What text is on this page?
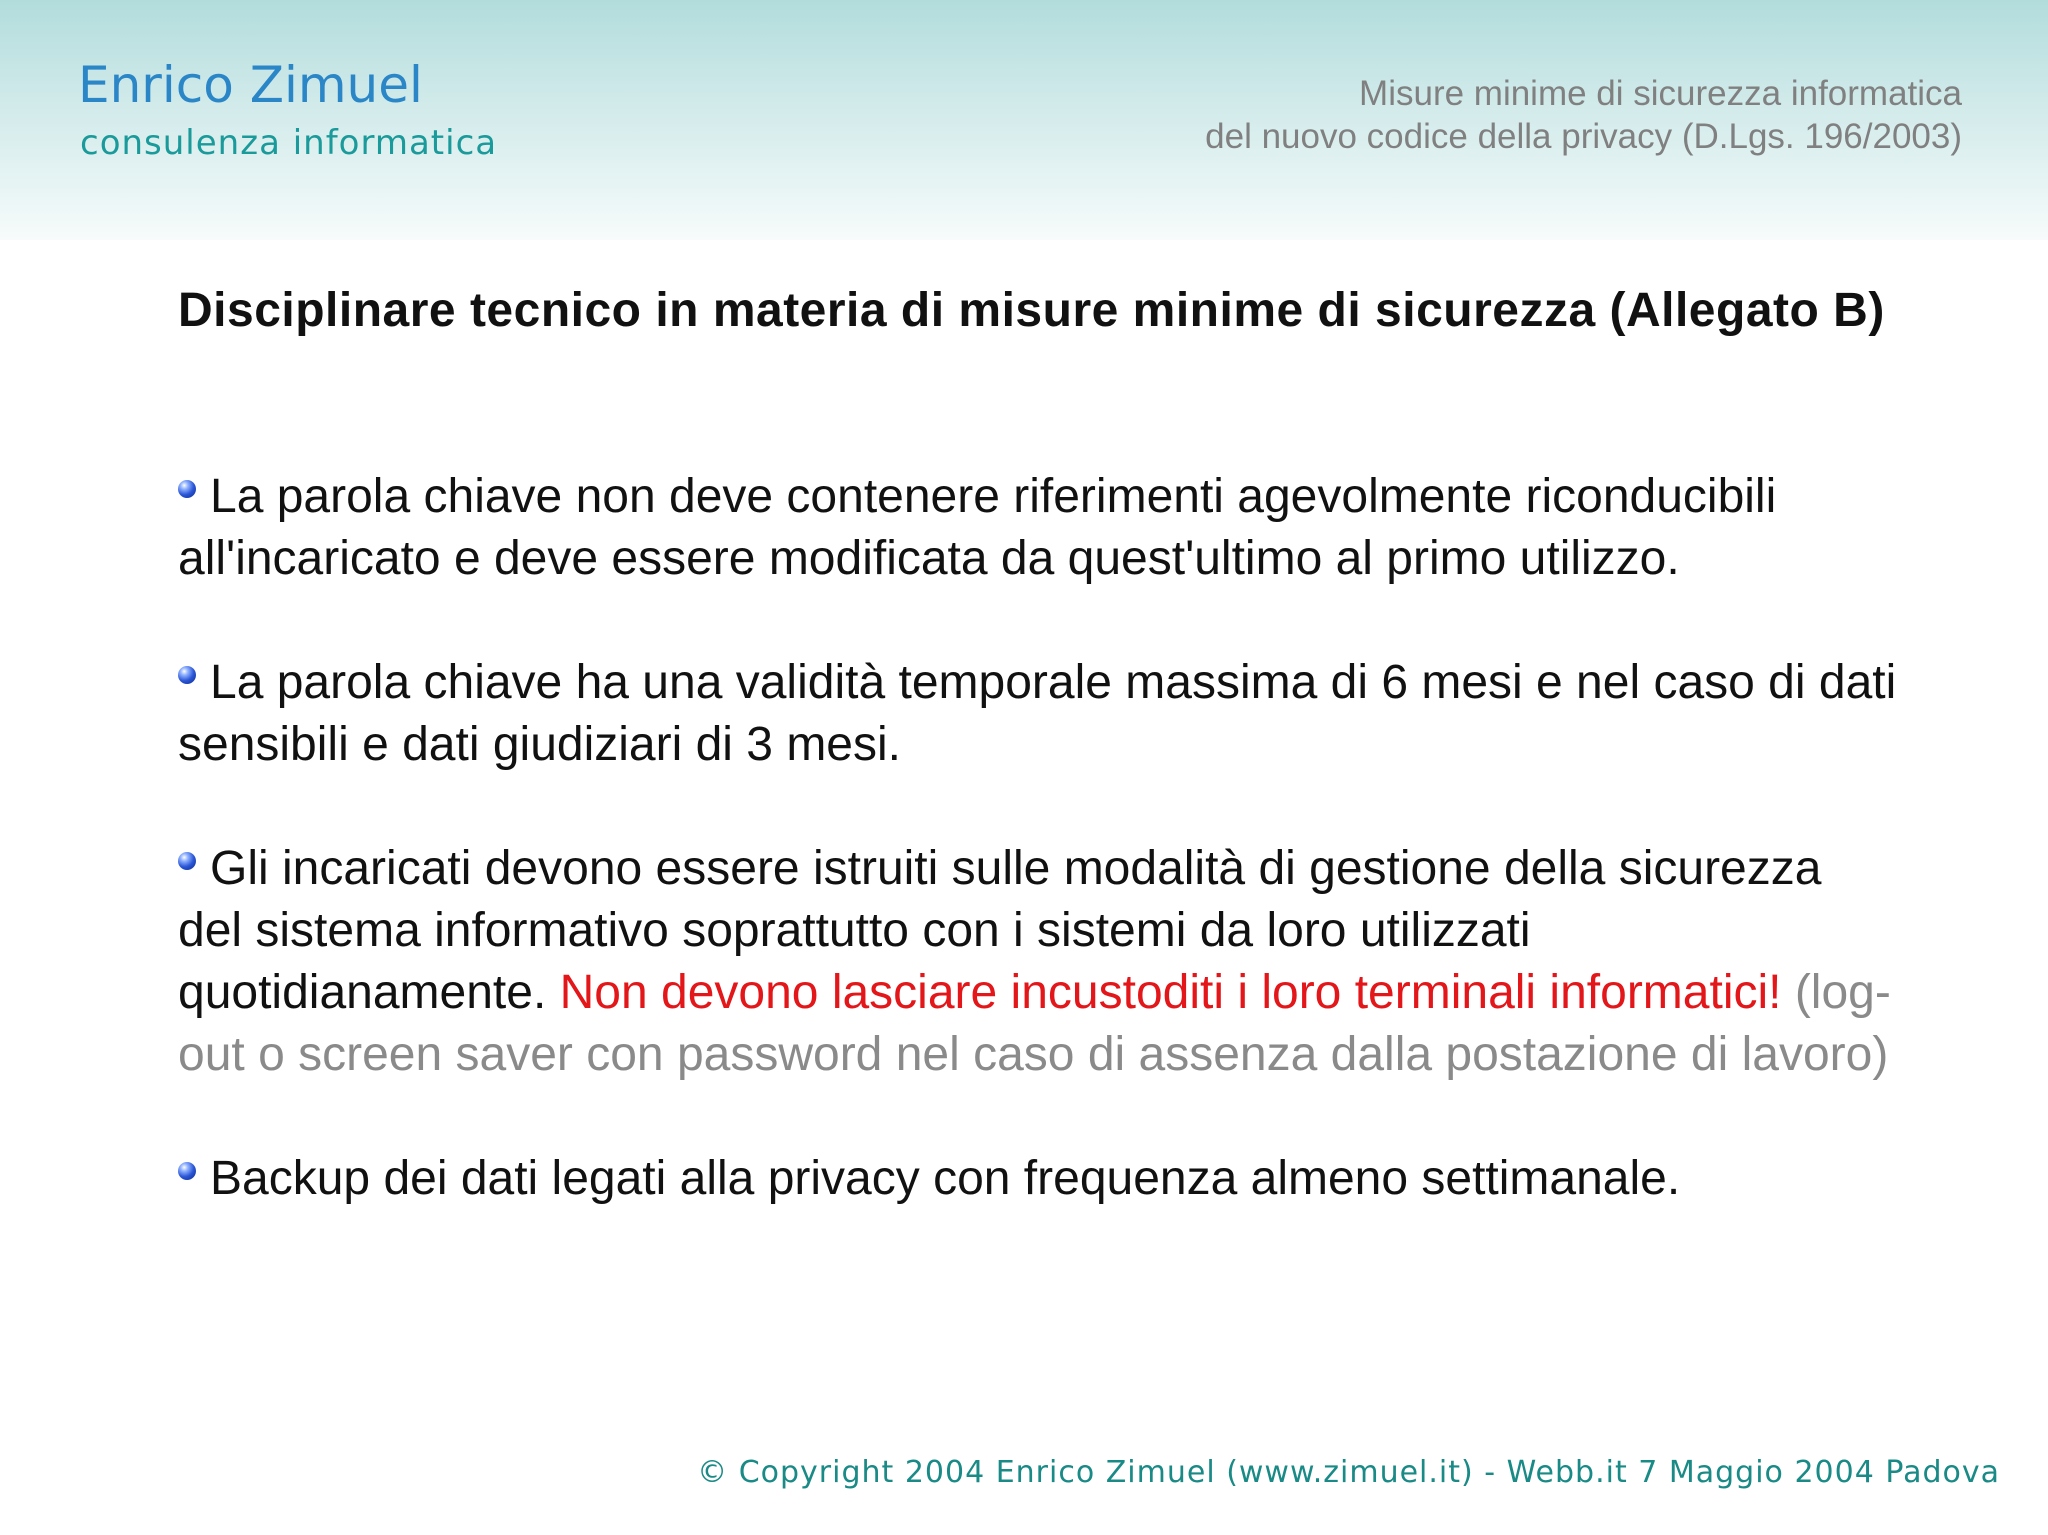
Enrico Zimuel
consulenza informatica
Misure minime di sicurezza informatica
del nuovo codice della privacy (D.Lgs. 196/2003)
Disciplinare tecnico in materia di misure minime di sicurezza (Allegato B)

La parola chiave non deve contenere riferimenti agevolmente riconducibili all'incaricato e deve essere modificata da quest'ultimo al primo utilizzo.

La parola chiave ha una validità temporale massima di 6 mesi e nel caso di dati sensibili e dati giudiziari di 3 mesi.

Gli incaricati devono essere istruiti sulle modalità di gestione della sicurezza del sistema informativo soprattutto con i sistemi da loro utilizzati quotidianamente. Non devono lasciare incustoditi i loro terminali informatici! (log-out o screen saver con password nel caso di assenza dalla postazione di lavoro)

Backup dei dati legati alla privacy con frequenza almeno settimanale.

© Copyright 2004 Enrico Zimuel (www.zimuel.it) - Webb.it 7 Maggio 2004 Padova
